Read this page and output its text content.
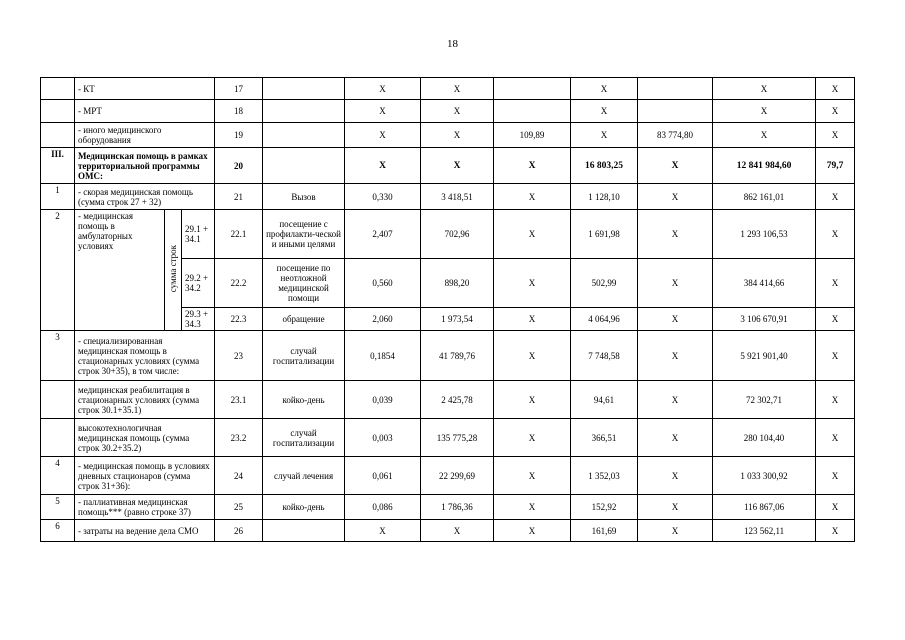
18
	- КТ			17		Х	Х		Х		Х	Х
	- МРТ			18		Х	Х		Х		Х	Х
	- иного медицинского оборудования			19		Х	Х	109,89	Х	83 774,80	Х	Х
III.	Медицинская помощь в рамках территориальной программы ОМС:			20		Х	Х	Х	16 803,25	Х	12 841 984,60	79,7
1	- скорая медицинская помощь (сумма строк 27 + 32)			21	Вызов	0,330	3 418,51	Х	1 128,10	Х	862 161,01	Х
2	- медицинская помощь в амбулаторных условиях	сумма строк	29.1 + 34.1	22.1	посещение с профилакти-ческой и иными целями	2,407	702,96	Х	1 691,98	Х	1 293 106,53	Х
			29.2 + 34.2	22.2	посещение по неотложной медицинской помощи	0,560	898,20	Х	502,99	Х	384 414,66	Х
			29.3 + 34.3	22.3	обращение	2,060	1 973,54	Х	4 064,96	Х	3 106 670,91	Х
3	- специализированная медицинская помощь в стационарных условиях (сумма строк 30+35), в том числе:			23	случай госпитализации	0,1854	41 789,76	Х	7 748,58	Х	5 921 901,40	Х
	медицинская реабилитация в стационарных условиях (сумма строк 30.1+35.1)			23.1	койко-день	0,039	2 425,78	Х	94,61	Х	72 302,71	Х
	высокотехнологичная медицинская помощь (сумма строк 30.2+35.2)			23.2	случай госпитализации	0,003	135 775,28	Х	366,51	Х	280 104,40	Х
4	- медицинская помощь в условиях дневных стационаров (сумма строк 31+36):			24	случай лечения	0,061	22 299,69	Х	1 352,03	Х	1 033 300,92	Х
5	- паллиативная медицинская помощь*** (равно строке 37)			25	койко-день	0,086	1 786,36	Х	152,92	Х	116 867,06	Х
6	- затраты на ведение дела СМО			26		Х	Х	Х	161,69	Х	123 562,11	Х
